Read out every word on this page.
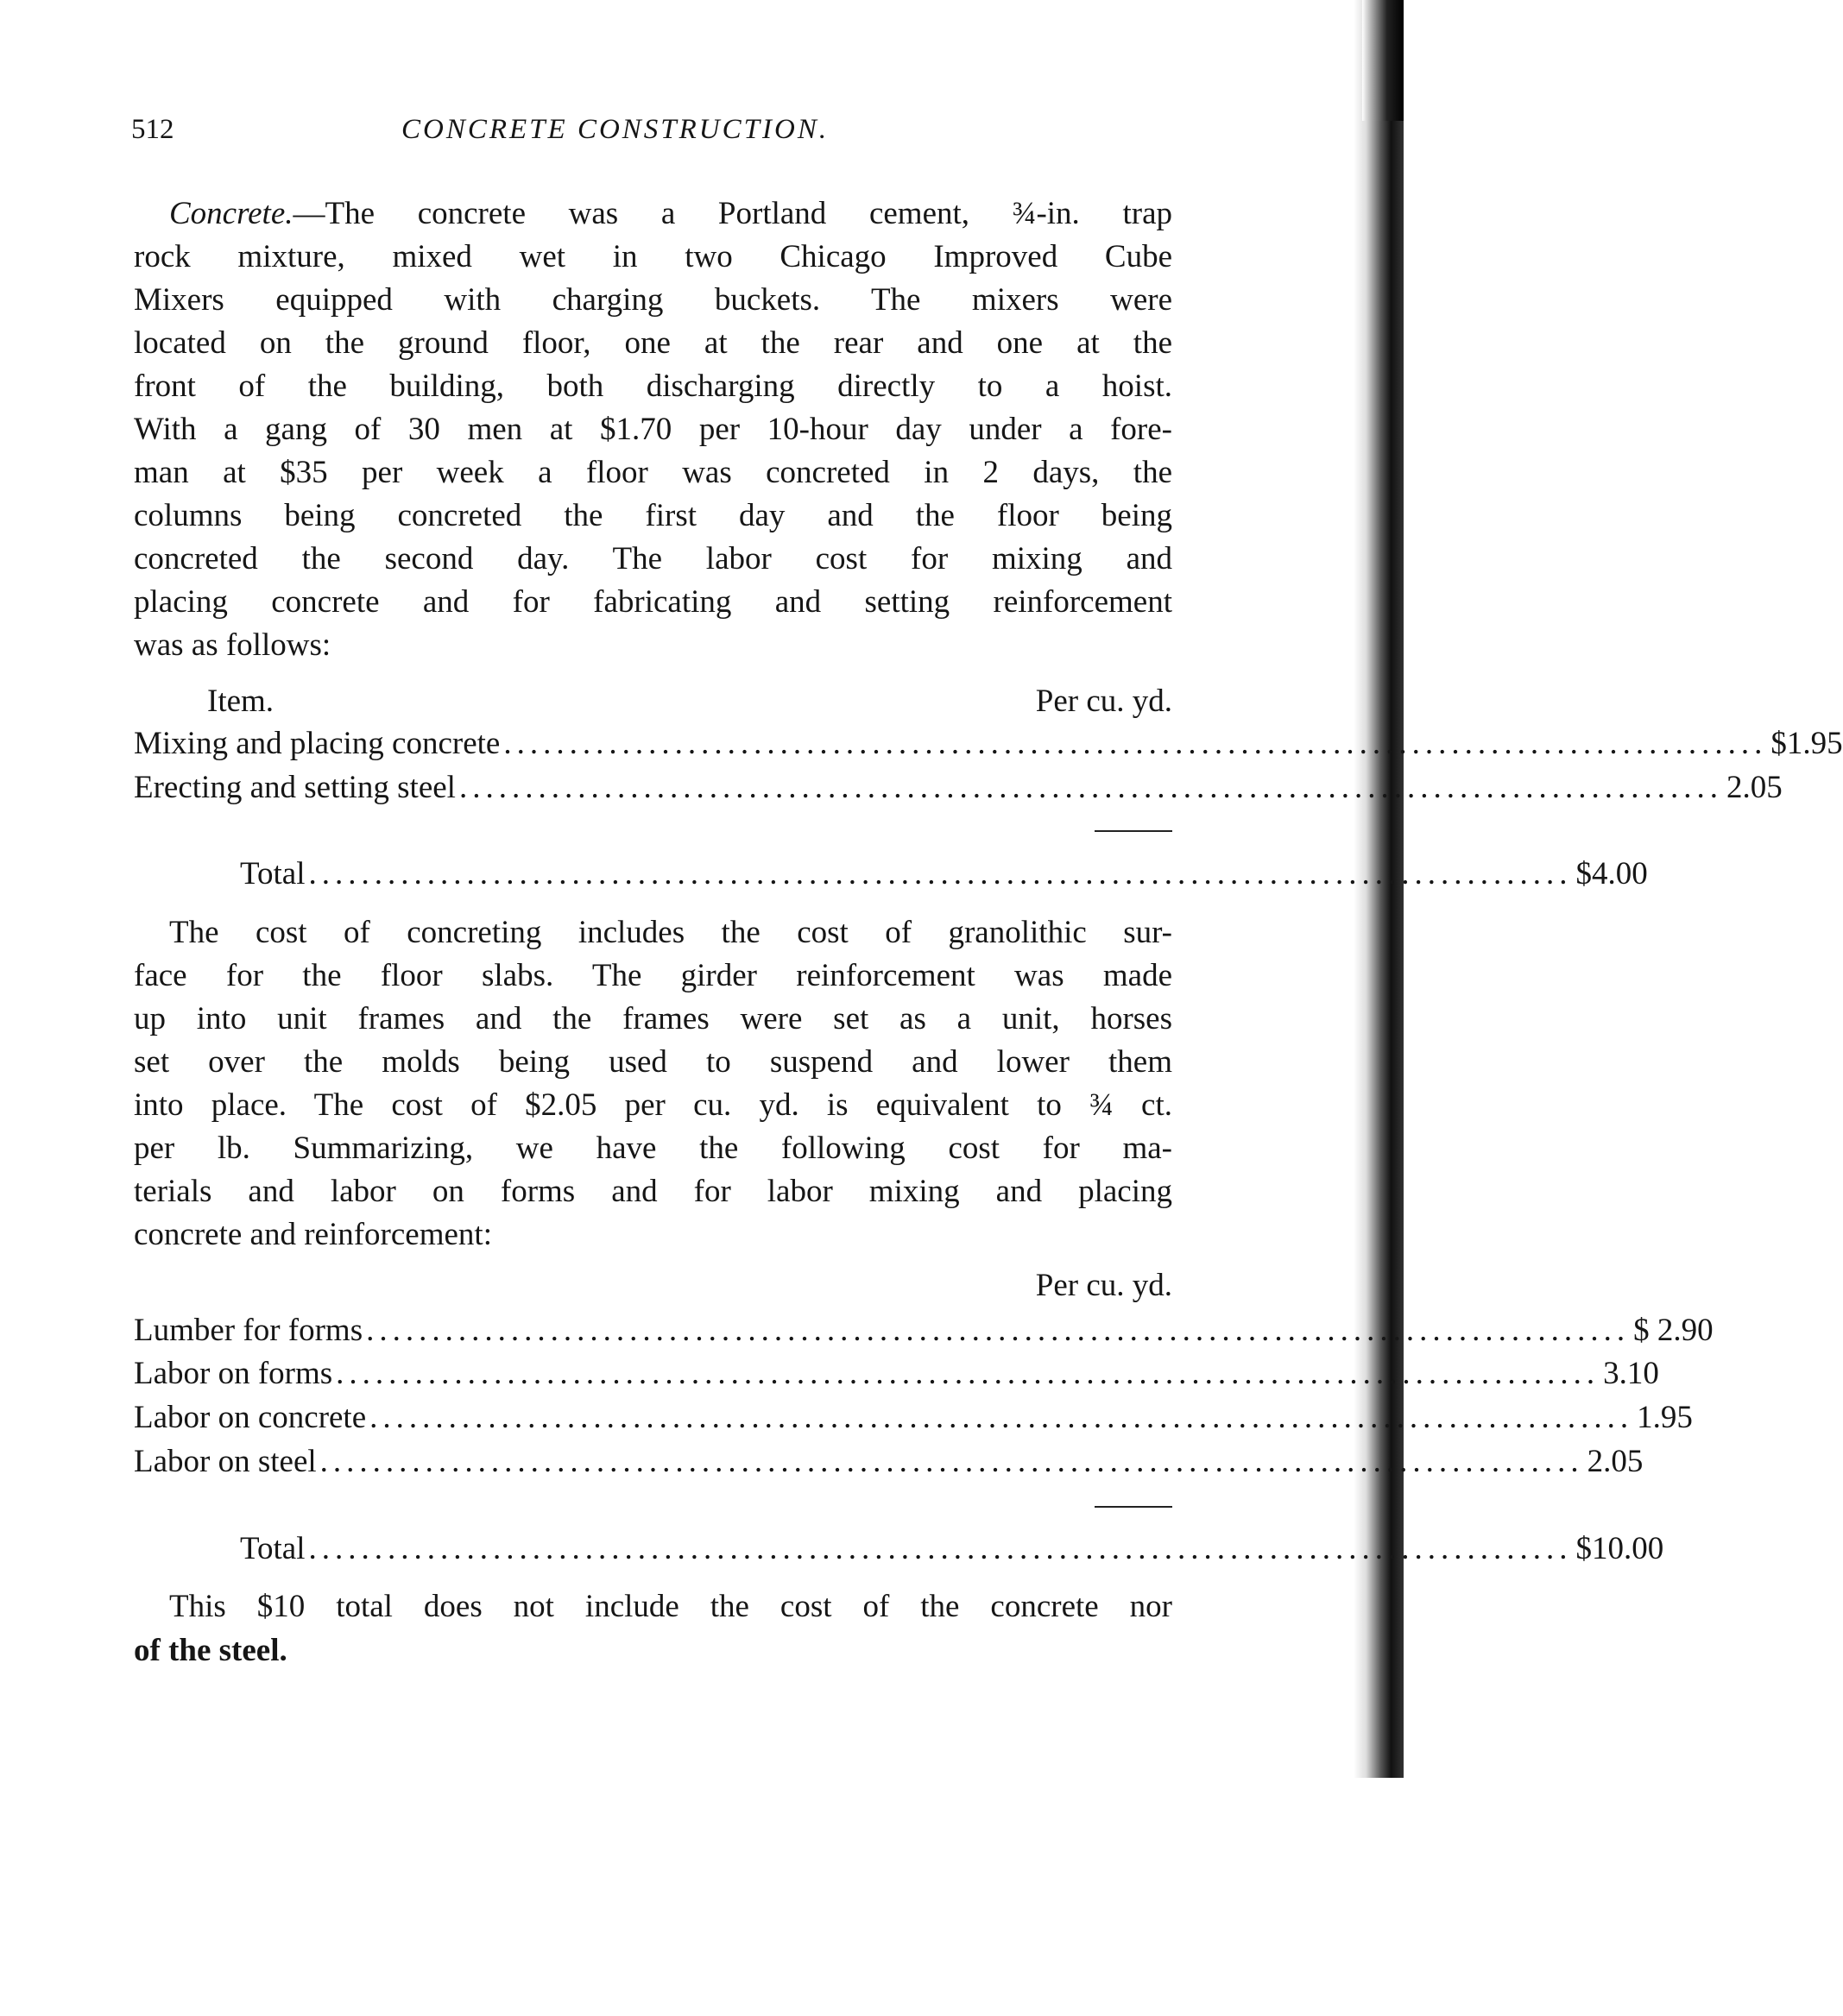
512	CONCRETE CONSTRUCTION.
Concrete.—The concrete was a Portland cement, ¾-in. trap
rock mixture, mixed wet in two Chicago Improved Cube
Mixers equipped with charging buckets. The mixers were
located on the ground floor, one at the rear and one at the
front of the building, both discharging directly to a hoist.
With a gang of 30 men at $1.70 per 10-hour day under a fore-
man at $35 per week a floor was concreted in 2 days, the
columns being concreted the first day and the floor being
concreted the second day. The labor cost for mixing and
placing concrete and for fabricating and setting reinforcement
was as follows:
Item.	Per cu. yd.
Mixing and placing concrete ................................................................................................ $1.95
Erecting and setting steel ................................................................................................ 2.05
Total ................................................................................................ $4.00
The cost of concreting includes the cost of granolithic sur-
face for the floor slabs. The girder reinforcement was made
up into unit frames and the frames were set as a unit, horses
set over the molds being used to suspend and lower them
into place. The cost of $2.05 per cu. yd. is equivalent to ¾ ct.
per lb. Summarizing, we have the following cost for ma-
terials and labor on forms and for labor mixing and placing
concrete and reinforcement:
Per cu. yd.
Lumber for forms ................................................................................................ $ 2.90
Labor on forms ................................................................................................ 3.10
Labor on concrete ................................................................................................ 1.95
Labor on steel ................................................................................................ 2.05
Total ................................................................................................ $10.00
This $10 total does not include the cost of the concrete nor
of the steel.
